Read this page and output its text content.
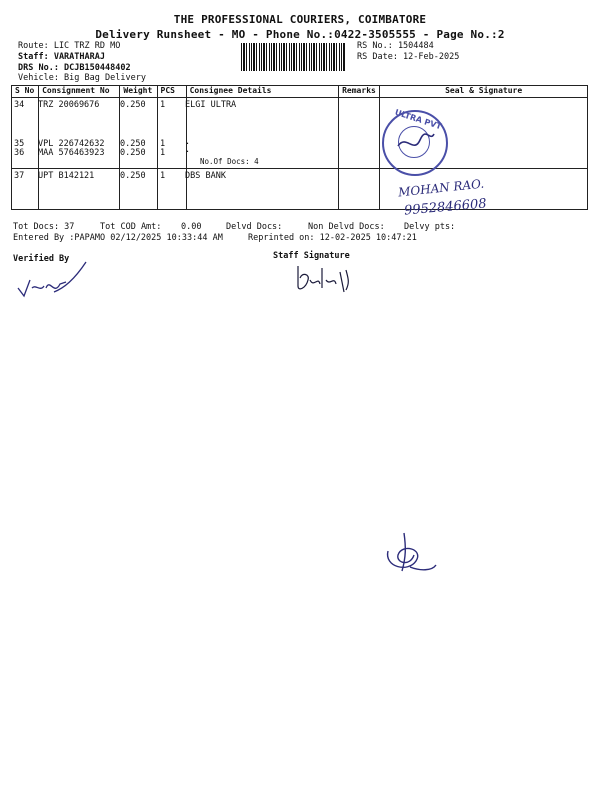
THE PROFESSIONAL COURIERS, COIMBATORE
Delivery Runsheet - MO - Phone No.:0422-3505555 - Page No.:2
Route: LIC TRZ RD MO
Staff: VARATHARAJ
DRS No.: DCJB150448402
Vehicle: Big Bag Delivery
RS No.: 1504484
RS Date: 12-Feb-2025
S No	Consignment No	Weight	PCS	Consignee Details	Remarks	Seal & Signature

34 TRZ 20069676 0.250 1 ELGI ULTRA
35 VPL 226742632 0.250 1 .
36 MAA 576463923 0.250 1 .
No.Of Docs: 4
37 UPT B142121	0.250 1 DBS BANK
ULTRA PVT
MOHAN RAO.
9952846608
Tot Docs: 37	Tot COD Amt: 0.00	Delvd Docs:	Non Delvd Docs: Delvy pts:
Entered By :PAPAMO 02/12/2025 10:33:44 AM	Reprinted on: 12-02-2025 10:47:21
Verified By	Staff Signature
